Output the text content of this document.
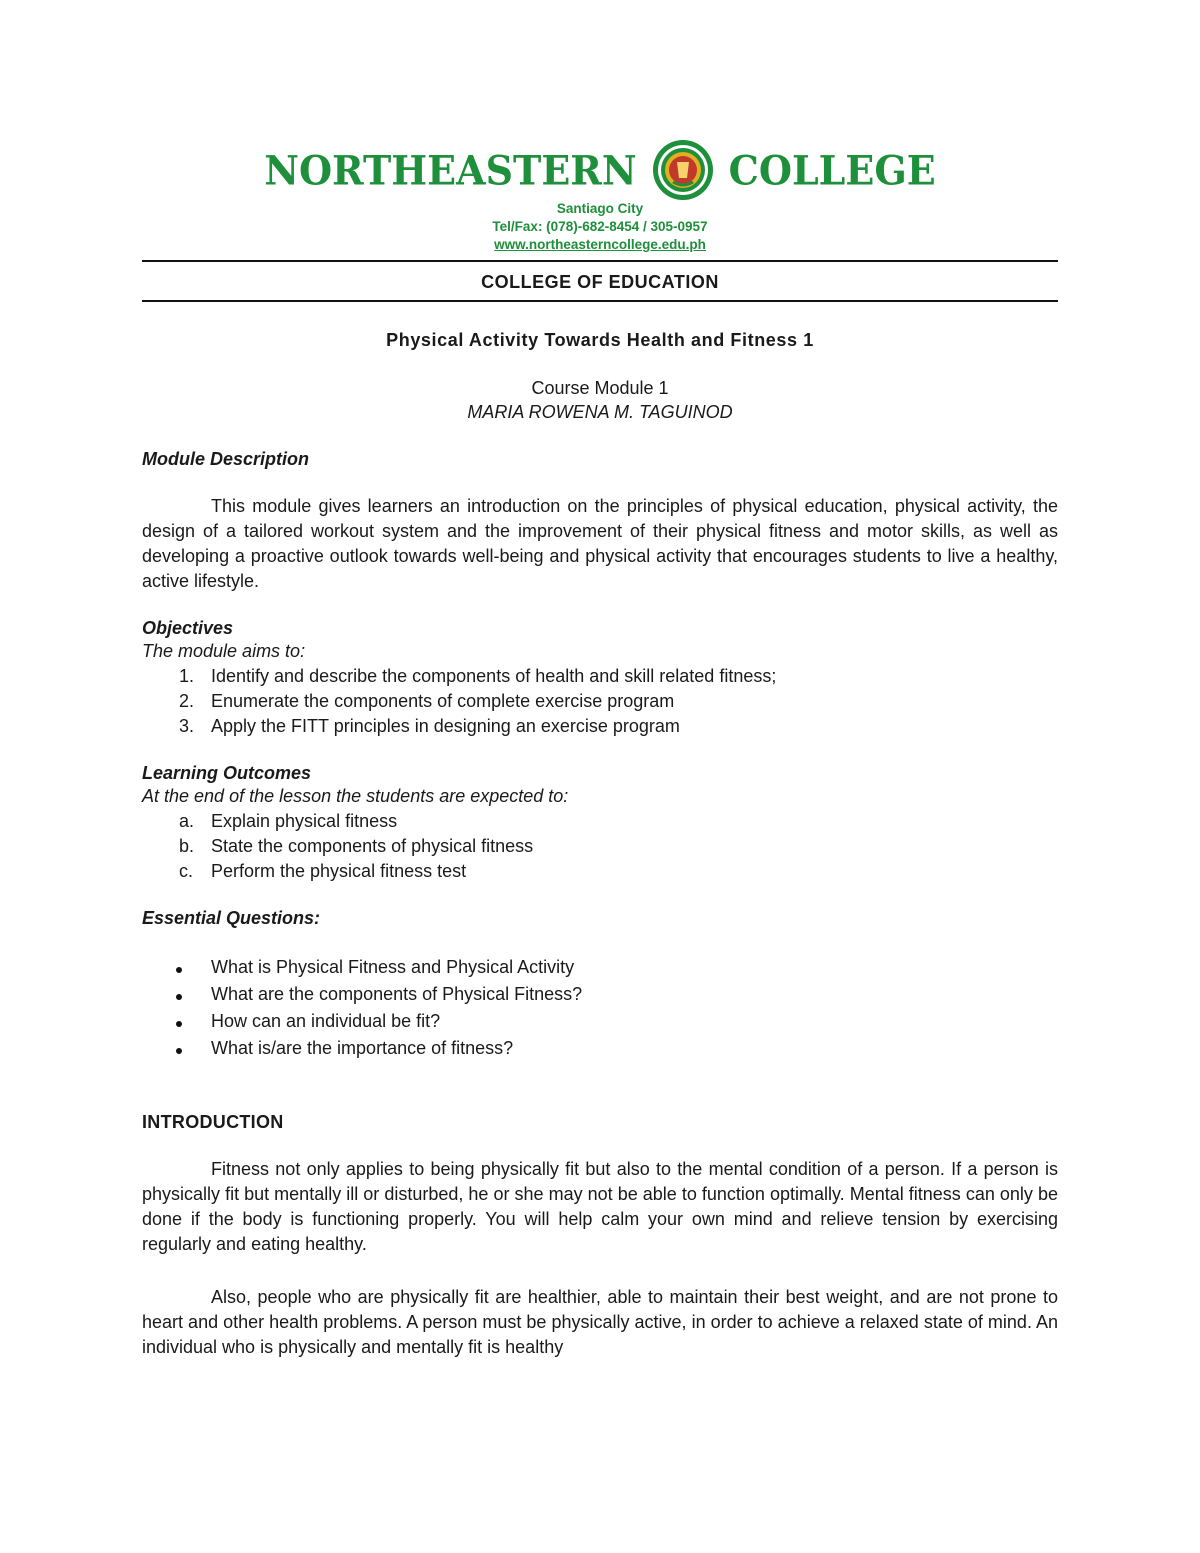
NORTHEASTERN COLLEGE
Santiago City
Tel/Fax: (078)-682-8454 / 305-0957
www.northeasterncollege.edu.ph
COLLEGE OF EDUCATION
Physical Activity Towards Health and Fitness 1
Course Module 1
MARIA ROWENA M. TAGUINOD
Module Description

This module gives learners an introduction on the principles of physical education, physical activity, the design of a tailored workout system and the improvement of their physical fitness and motor skills, as well as developing a proactive outlook towards well-being and physical activity that encourages students to live a healthy, active lifestyle.

Objectives
The module aims to:
1. Identify and describe the components of health and skill related fitness;
2. Enumerate the components of complete exercise program
3. Apply the FITT principles in designing an exercise program
Learning Outcomes
At the end of the lesson the students are expected to:
a. Explain physical fitness
b. State the components of physical fitness
c. Perform the physical fitness test
Essential Questions:
What is Physical Fitness and Physical Activity
What are the components of Physical Fitness?
How can an individual be fit?
What is/are the importance of fitness?
INTRODUCTION

Fitness not only applies to being physically fit but also to the mental condition of a person. If a person is physically fit but mentally ill or disturbed, he or she may not be able to function optimally. Mental fitness can only be done if the body is functioning properly. You will help calm your own mind and relieve tension by exercising regularly and eating healthy.

Also, people who are physically fit are healthier, able to maintain their best weight, and are not prone to heart and other health problems. A person must be physically active, in order to achieve a relaxed state of mind. An individual who is physically and mentally fit is healthy
